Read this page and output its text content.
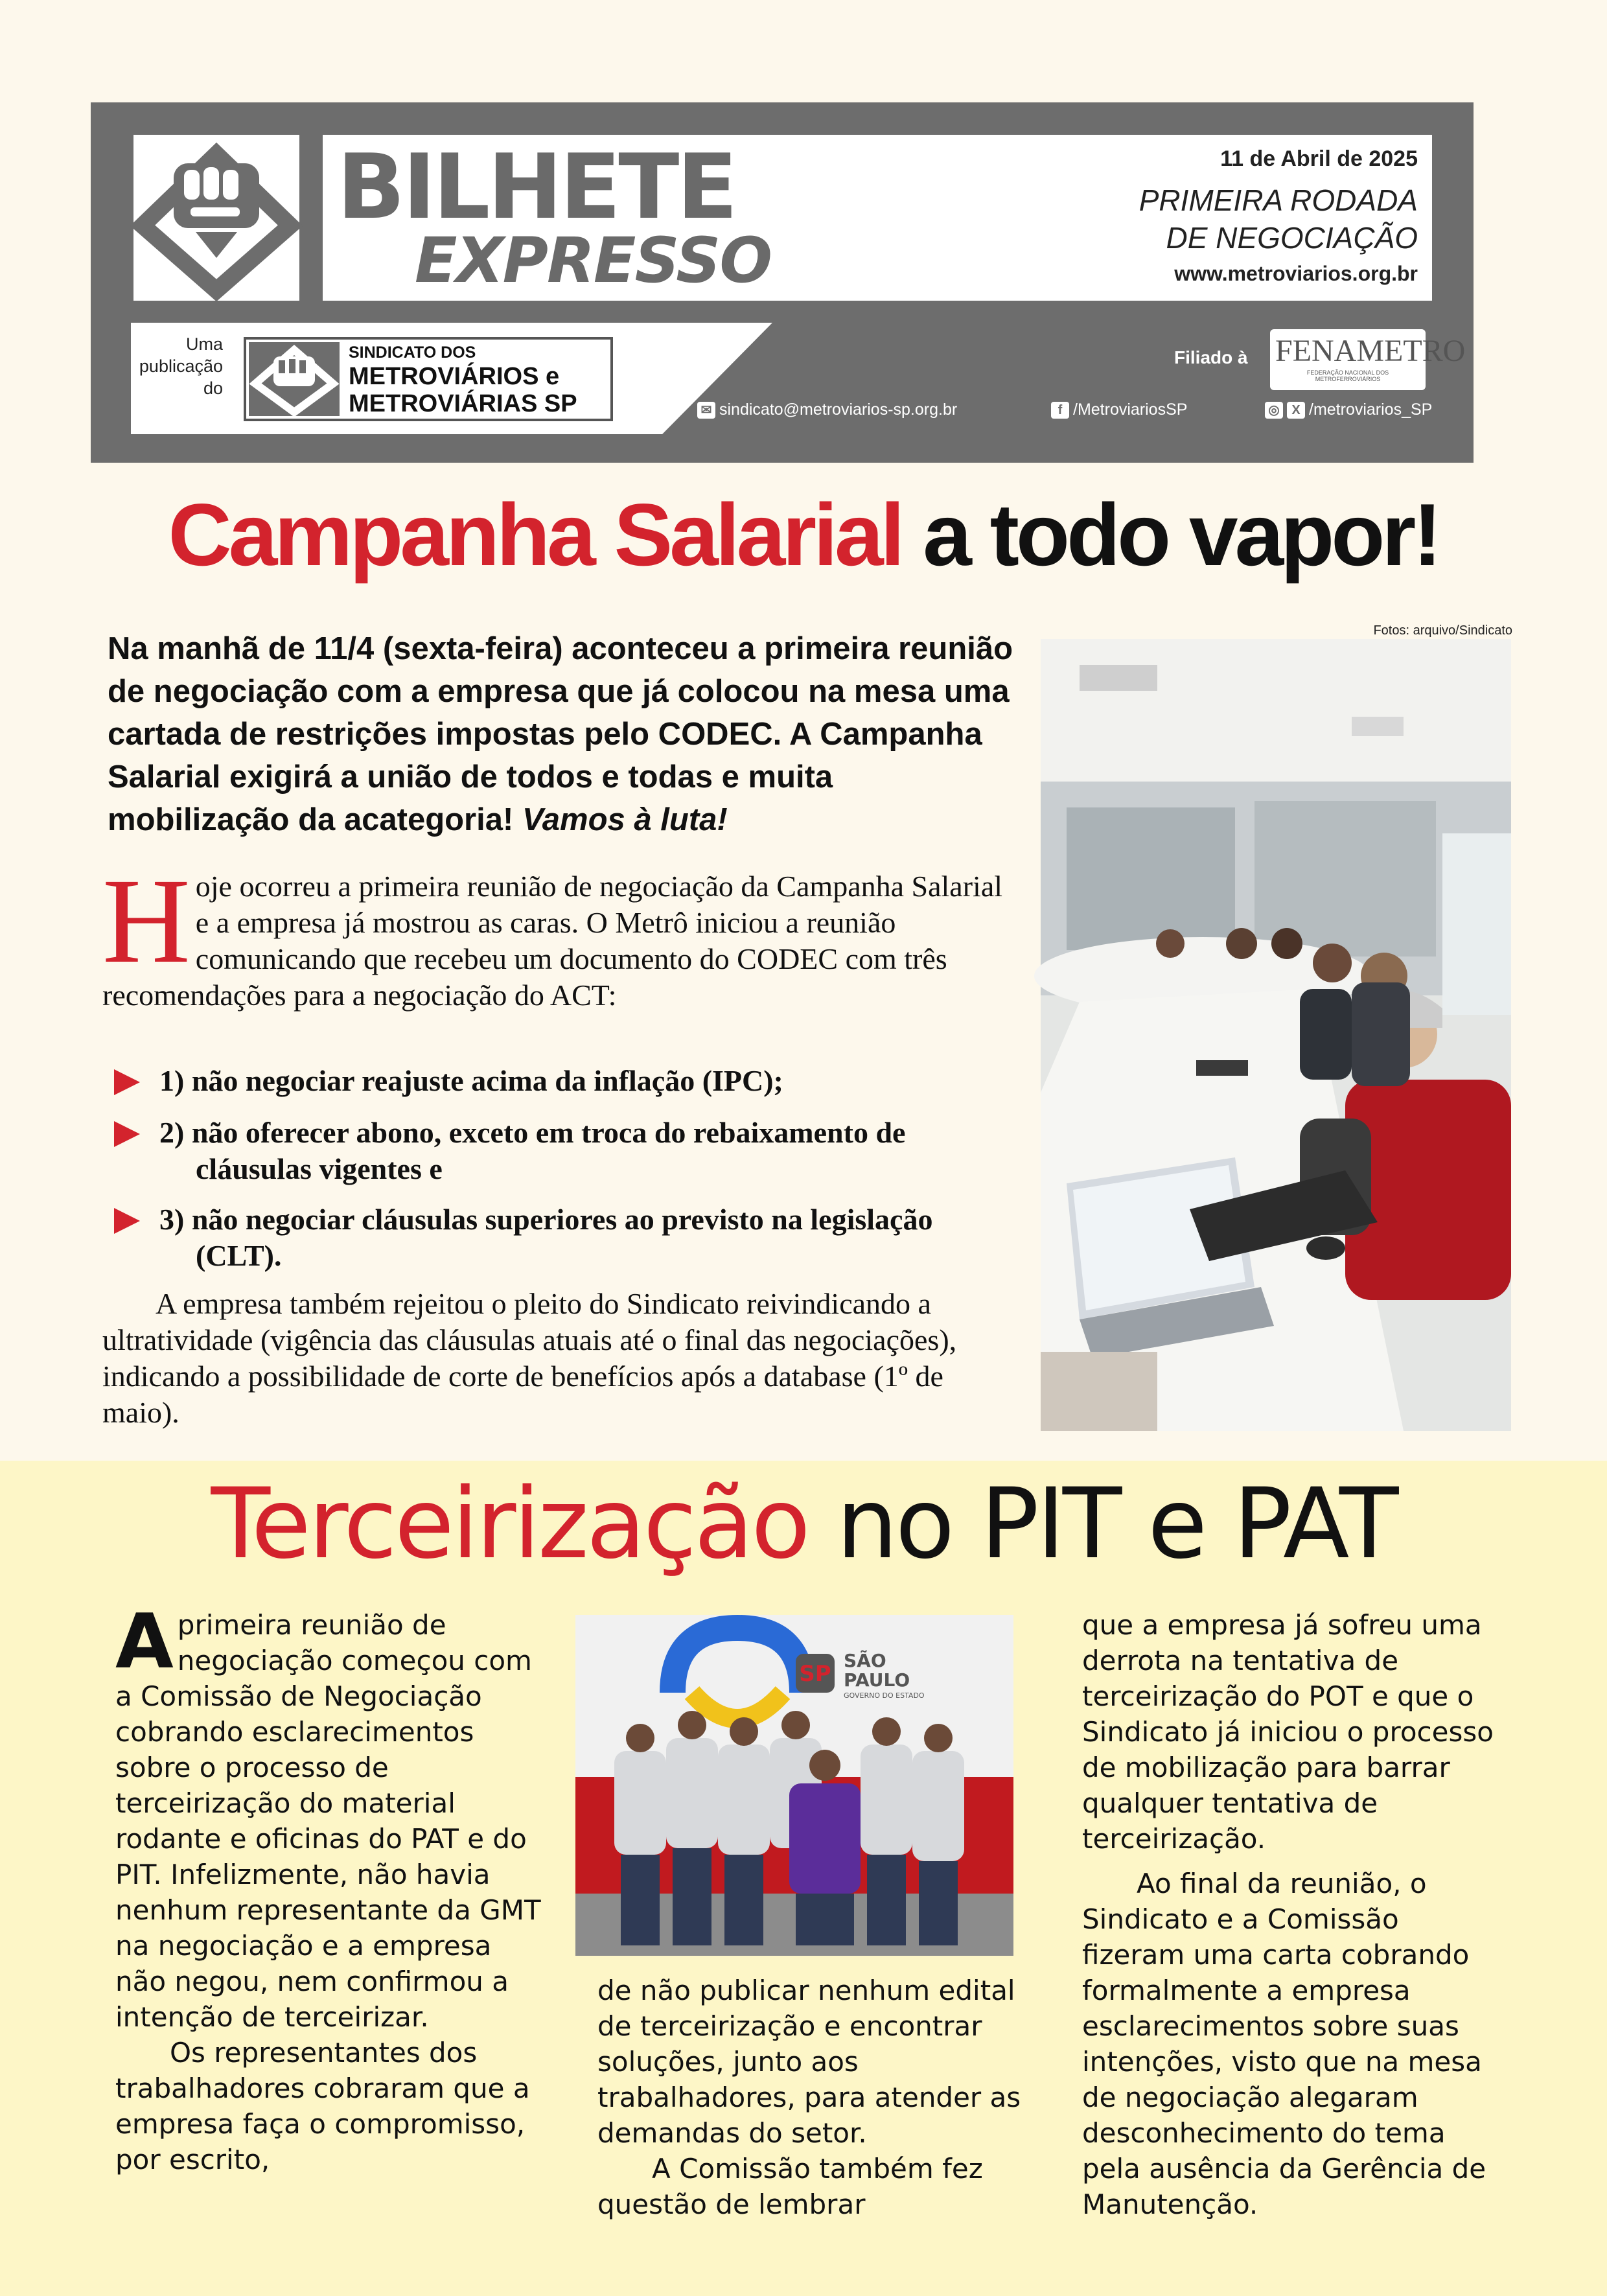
BILHETE
EXPRESSO
11 de Abril de 2025
PRIMEIRA RODADA
DE NEGOCIAÇÃO
www.metroviarios.org.br
Uma publicação do
SINDICATO DOS
METROVIÁRIOS e
METROVIÁRIAS SP
Filiado à FENAMETRO
FEDERAÇÃO NACIONAL DOS METROFERROVIÁRIOS
✉ sindicato@metroviarios-sp.org.br	f /MetroviariosSP	◎ X /metroviarios_SP
Campanha Salarial a todo vapor!
Na manhã de 11/4 (sexta-feira) aconteceu a primeira reunião de negociação com a empresa que já colocou na mesa uma cartada de restrições impostas pelo CODEC. A Campanha Salarial exigirá a união de todos e todas e muita mobilização da acategoria! Vamos à luta!
H oje ocorreu a primeira reunião de negociação da Campanha Salarial e a empresa já mostrou as caras. O Metrô iniciou a reunião comunicando que recebeu um documento do CODEC com três recomendações para a negociação do ACT:
1) não negociar reajuste acima da inflação (IPC);
2) não oferecer abono, exceto em troca do rebaixamento de cláusulas vigentes e
3) não negociar cláusulas superiores ao previsto na legislação (CLT).
A empresa também rejeitou o pleito do Sindicato reivindicando a ultratividade (vigência das cláusulas atuais até o final das negociações), indicando a possibilidade de corte de benefícios após a database (1º de maio).
Fotos: arquivo/Sindicato
Terceirização no PIT e PAT

A primeira reunião de negociação começou com a Comissão de Negociação cobrando esclarecimentos sobre o processo de terceirização do material rodante e oficinas do PAT e do PIT. Infelizmente, não havia nenhum representante da GMT na negociação e a empresa não negou, nem confirmou a intenção de terceirizar.

Os representantes dos trabalhadores cobraram que a empresa faça o compromisso, por escrito,

SP
SÃO
PAULO
GOVERNO DO ESTADO

de não publicar nenhum edital de terceirização e encontrar soluções, junto aos trabalhadores, para atender as demandas do setor.

A Comissão também fez questão de lembrar

que a empresa já sofreu uma derrota na tentativa de terceirização do POT e que o Sindicato já iniciou o processo de mobilização para barrar qualquer tentativa de terceirização.

Ao final da reunião, o Sindicato e a Comissão fizeram uma carta cobrando formalmente a empresa esclarecimentos sobre suas intenções, visto que na mesa de negociação alegaram desconhecimento do tema pela ausência da Gerência de Manutenção.
